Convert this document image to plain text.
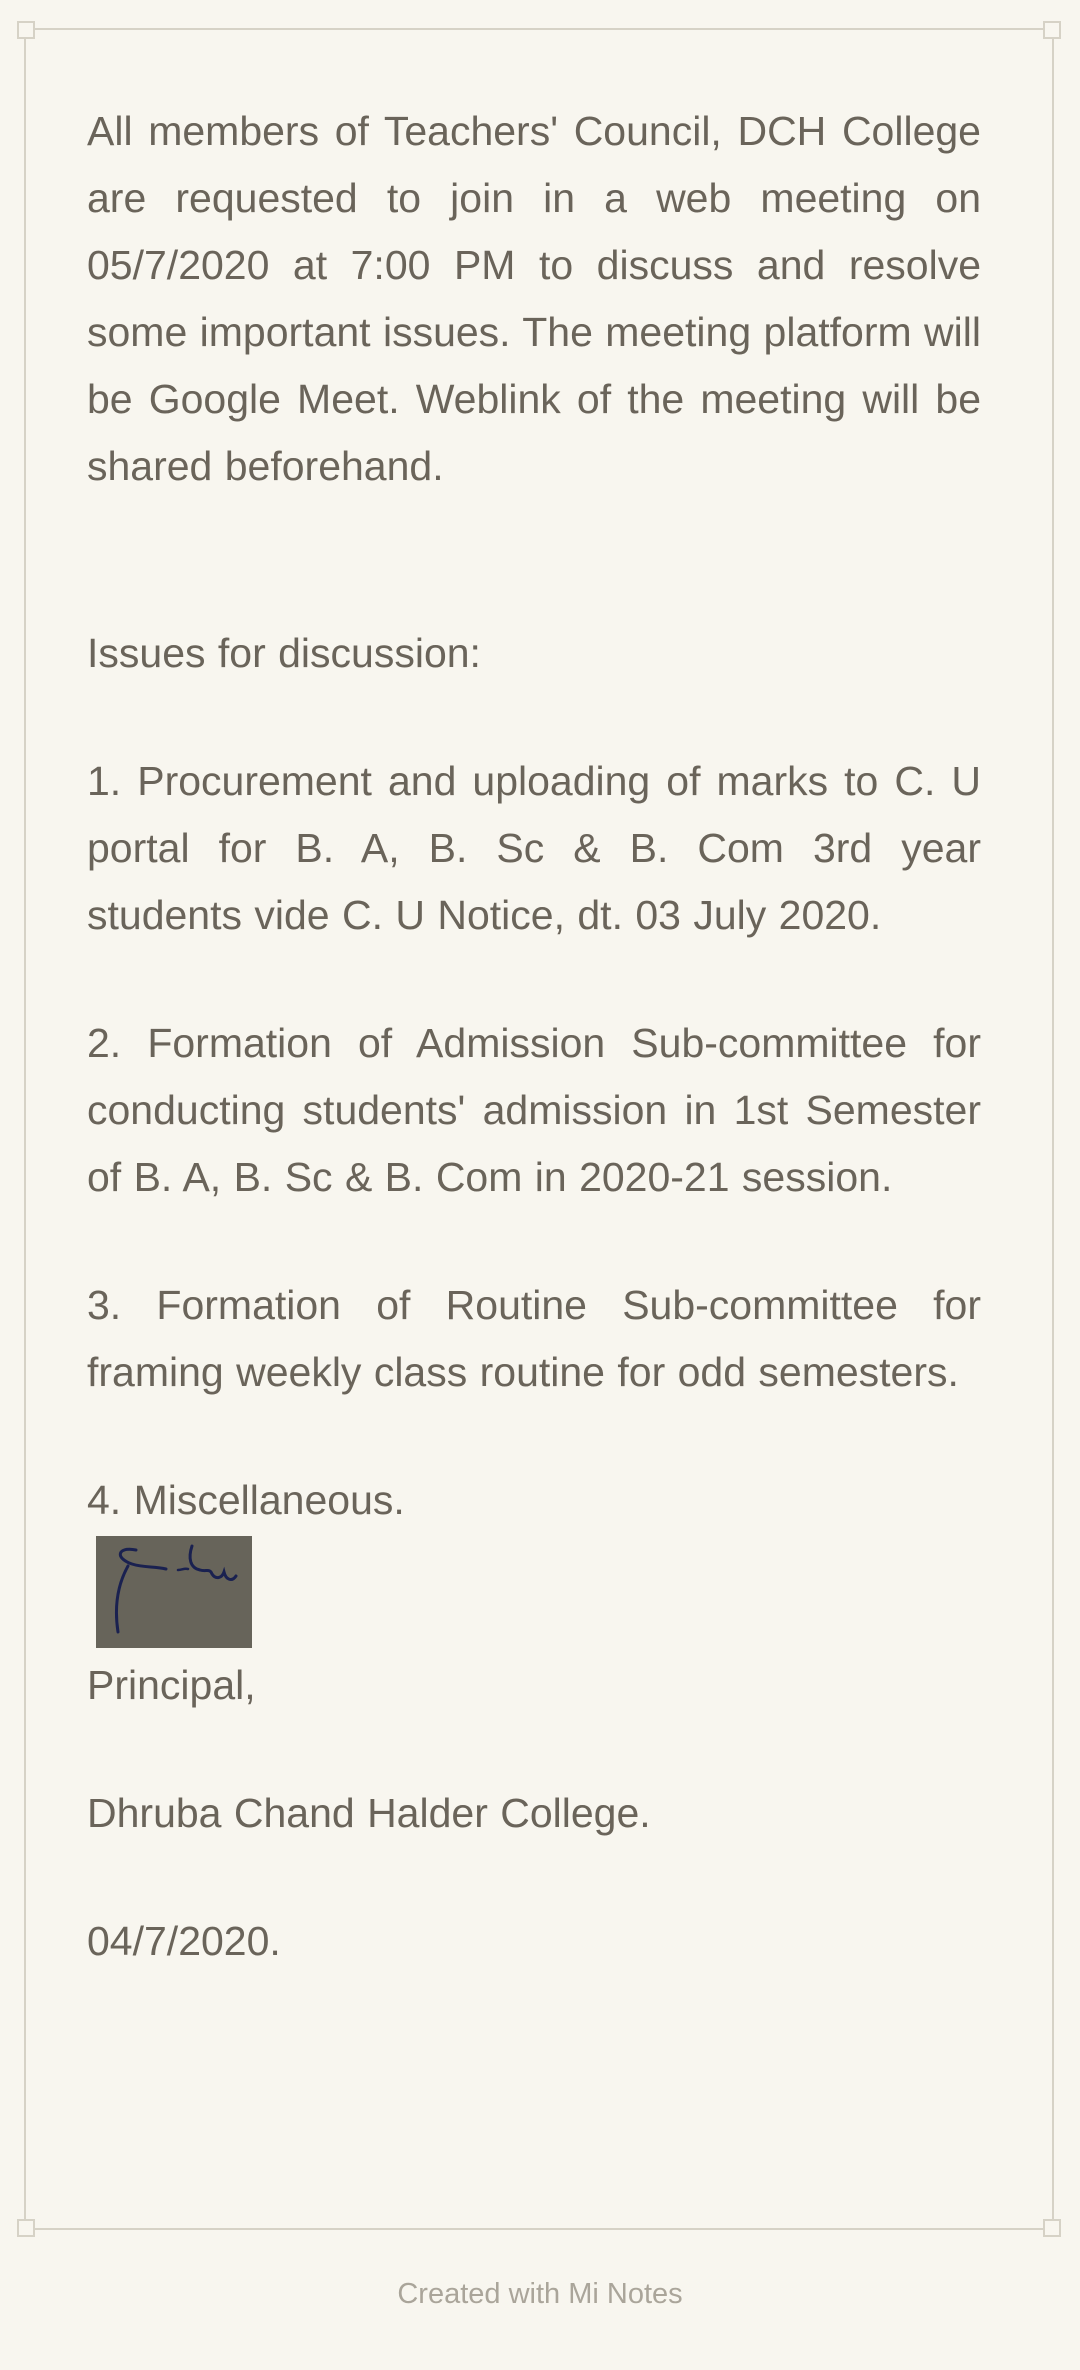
All members of Teachers' Council, DCH College are requested to join in a web meeting on 05/7/2020 at 7:00 PM to discuss and resolve some important issues. The meeting platform will be Google Meet. Weblink of the meeting will be shared beforehand.

Issues for discussion:

1. Procurement and uploading of marks to C. U portal for B. A, B. Sc & B. Com 3rd year students vide C. U Notice, dt. 03 July 2020.

2. Formation of Admission Sub-committee for conducting students' admission in 1st Semester of B. A, B. Sc & B. Com in 2020-21 session.

3. Formation of Routine Sub-committee for framing weekly class routine for odd semesters.

4. Miscellaneous.

Principal,

Dhruba Chand Halder College.

04/7/2020.

Created with Mi Notes
